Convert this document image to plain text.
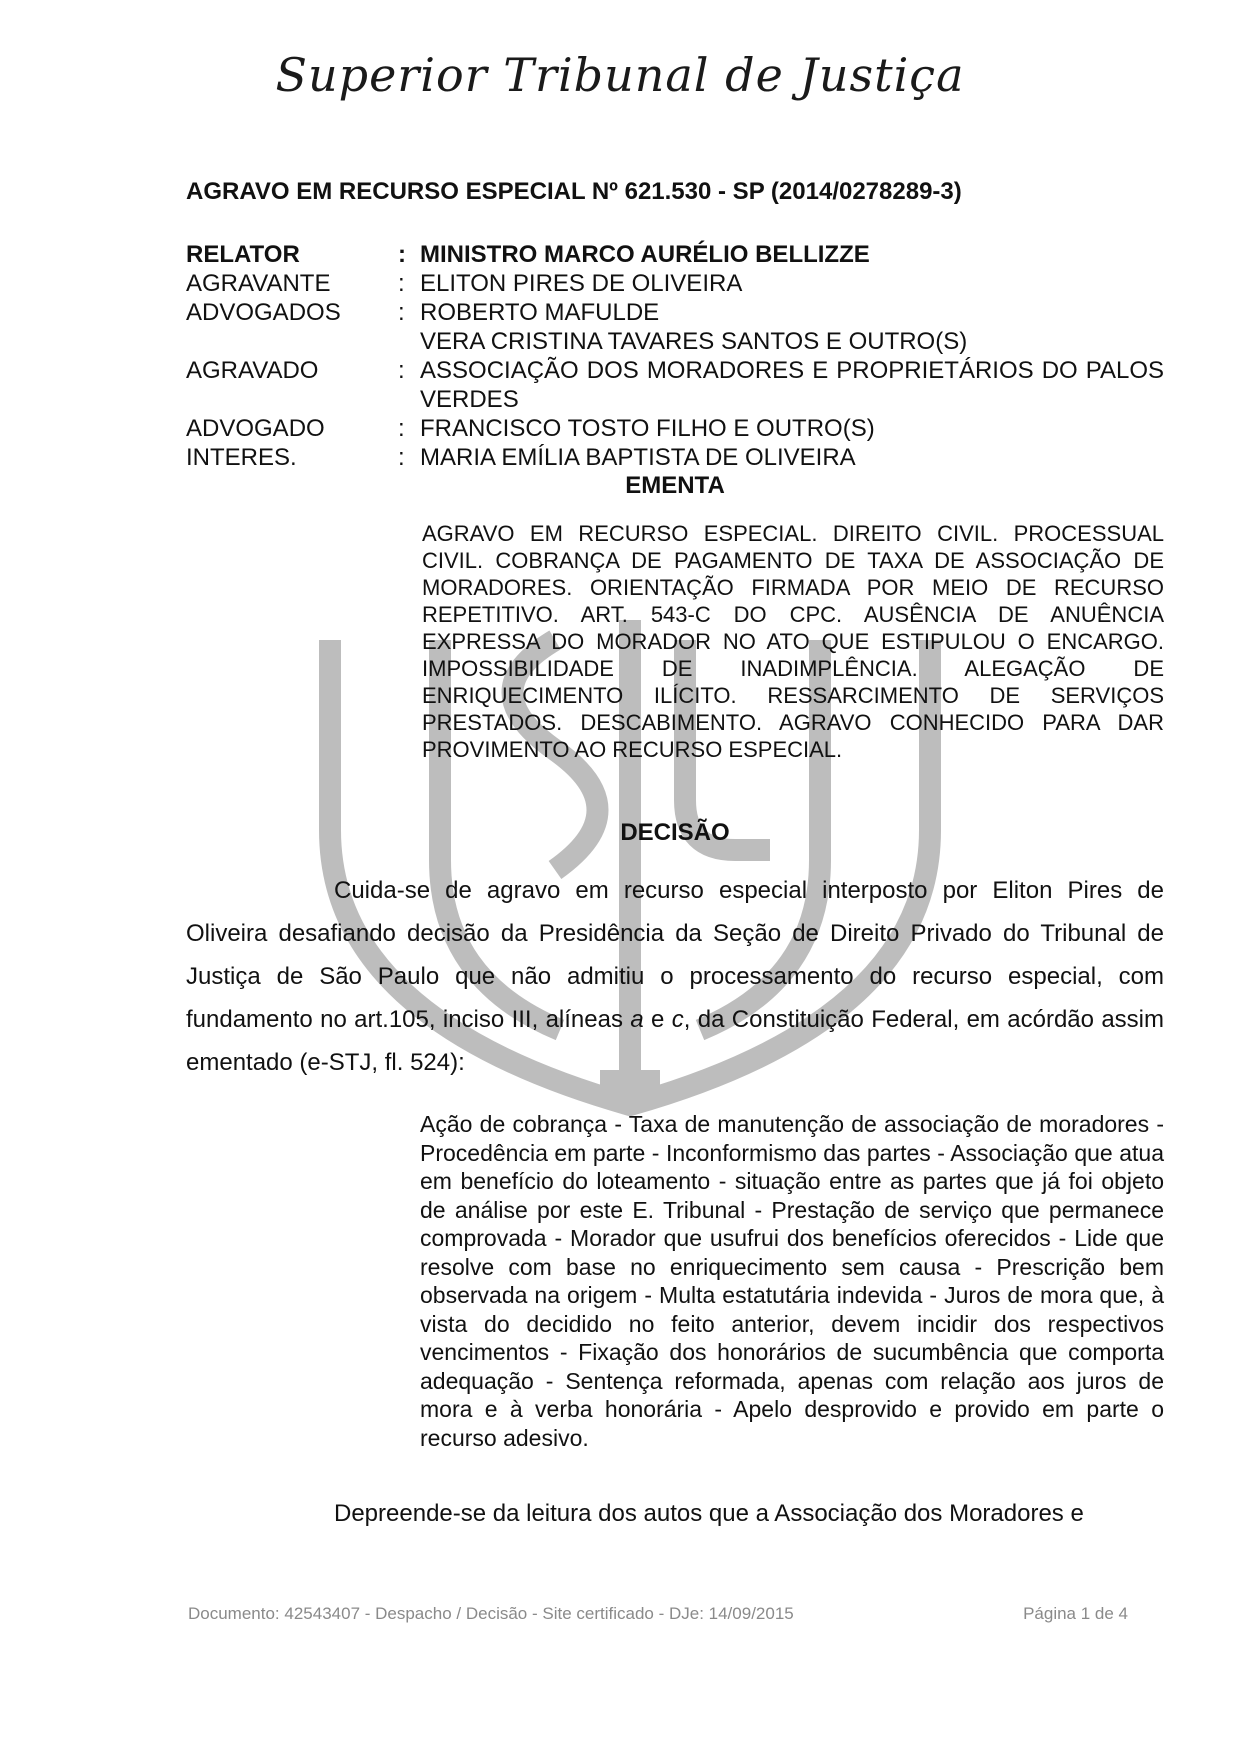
Superior Tribunal de Justiça
AGRAVO EM RECURSO ESPECIAL Nº 621.530 - SP (2014/0278289-3)
RELATOR	:	MINISTRO MARCO AURÉLIO BELLIZZE
AGRAVANTE	:	ELITON PIRES DE OLIVEIRA
ADVOGADOS	:	ROBERTO MAFULDE
		VERA CRISTINA TAVARES SANTOS E OUTRO(S)
AGRAVADO	:	ASSOCIAÇÃO DOS MORADORES E PROPRIETÁRIOS DO PALOS VERDES
ADVOGADO	:	FRANCISCO TOSTO FILHO E OUTRO(S)
INTERES.	:	MARIA EMÍLIA BAPTISTA DE OLIVEIRA
EMENTA
AGRAVO EM RECURSO ESPECIAL. DIREITO CIVIL. PROCESSUAL CIVIL. COBRANÇA DE PAGAMENTO DE TAXA DE ASSOCIAÇÃO DE MORADORES. ORIENTAÇÃO FIRMADA POR MEIO DE RECURSO REPETITIVO. ART. 543-C DO CPC. AUSÊNCIA DE ANUÊNCIA EXPRESSA DO MORADOR NO ATO QUE ESTIPULOU O ENCARGO. IMPOSSIBILIDADE DE INADIMPLÊNCIA. ALEGAÇÃO DE ENRIQUECIMENTO ILÍCITO. RESSARCIMENTO DE SERVIÇOS PRESTADOS. DESCABIMENTO. AGRAVO CONHECIDO PARA DAR PROVIMENTO AO RECURSO ESPECIAL.
DECISÃO

Cuida-se de agravo em recurso especial interposto por Eliton Pires de Oliveira desafiando decisão da Presidência da Seção de Direito Privado do Tribunal de Justiça de São Paulo que não admitiu o processamento do recurso especial, com fundamento no art.105, inciso III, alíneas a e c, da Constituição Federal, em acórdão assim ementado (e-STJ, fl. 524):

Ação de cobrança - Taxa de manutenção de associação de moradores - Procedência em parte - Inconformismo das partes - Associação que atua em benefício do loteamento - situação entre as partes que já foi objeto de análise por este E. Tribunal - Prestação de serviço que permanece comprovada - Morador que usufrui dos benefícios oferecidos - Lide que resolve com base no enriquecimento sem causa - Prescrição bem observada na origem - Multa estatutária indevida - Juros de mora que, à vista do decidido no feito anterior, devem incidir dos respectivos vencimentos - Fixação dos honorários de sucumbência que comporta adequação - Sentença reformada, apenas com relação aos juros de mora e à verba honorária - Apelo desprovido e provido em parte o recurso adesivo.

Depreende-se da leitura dos autos que a Associação dos Moradores e

Documento: 42543407 - Despacho / Decisão - Site certificado - DJe: 14/09/2015	Página 1 de 4
